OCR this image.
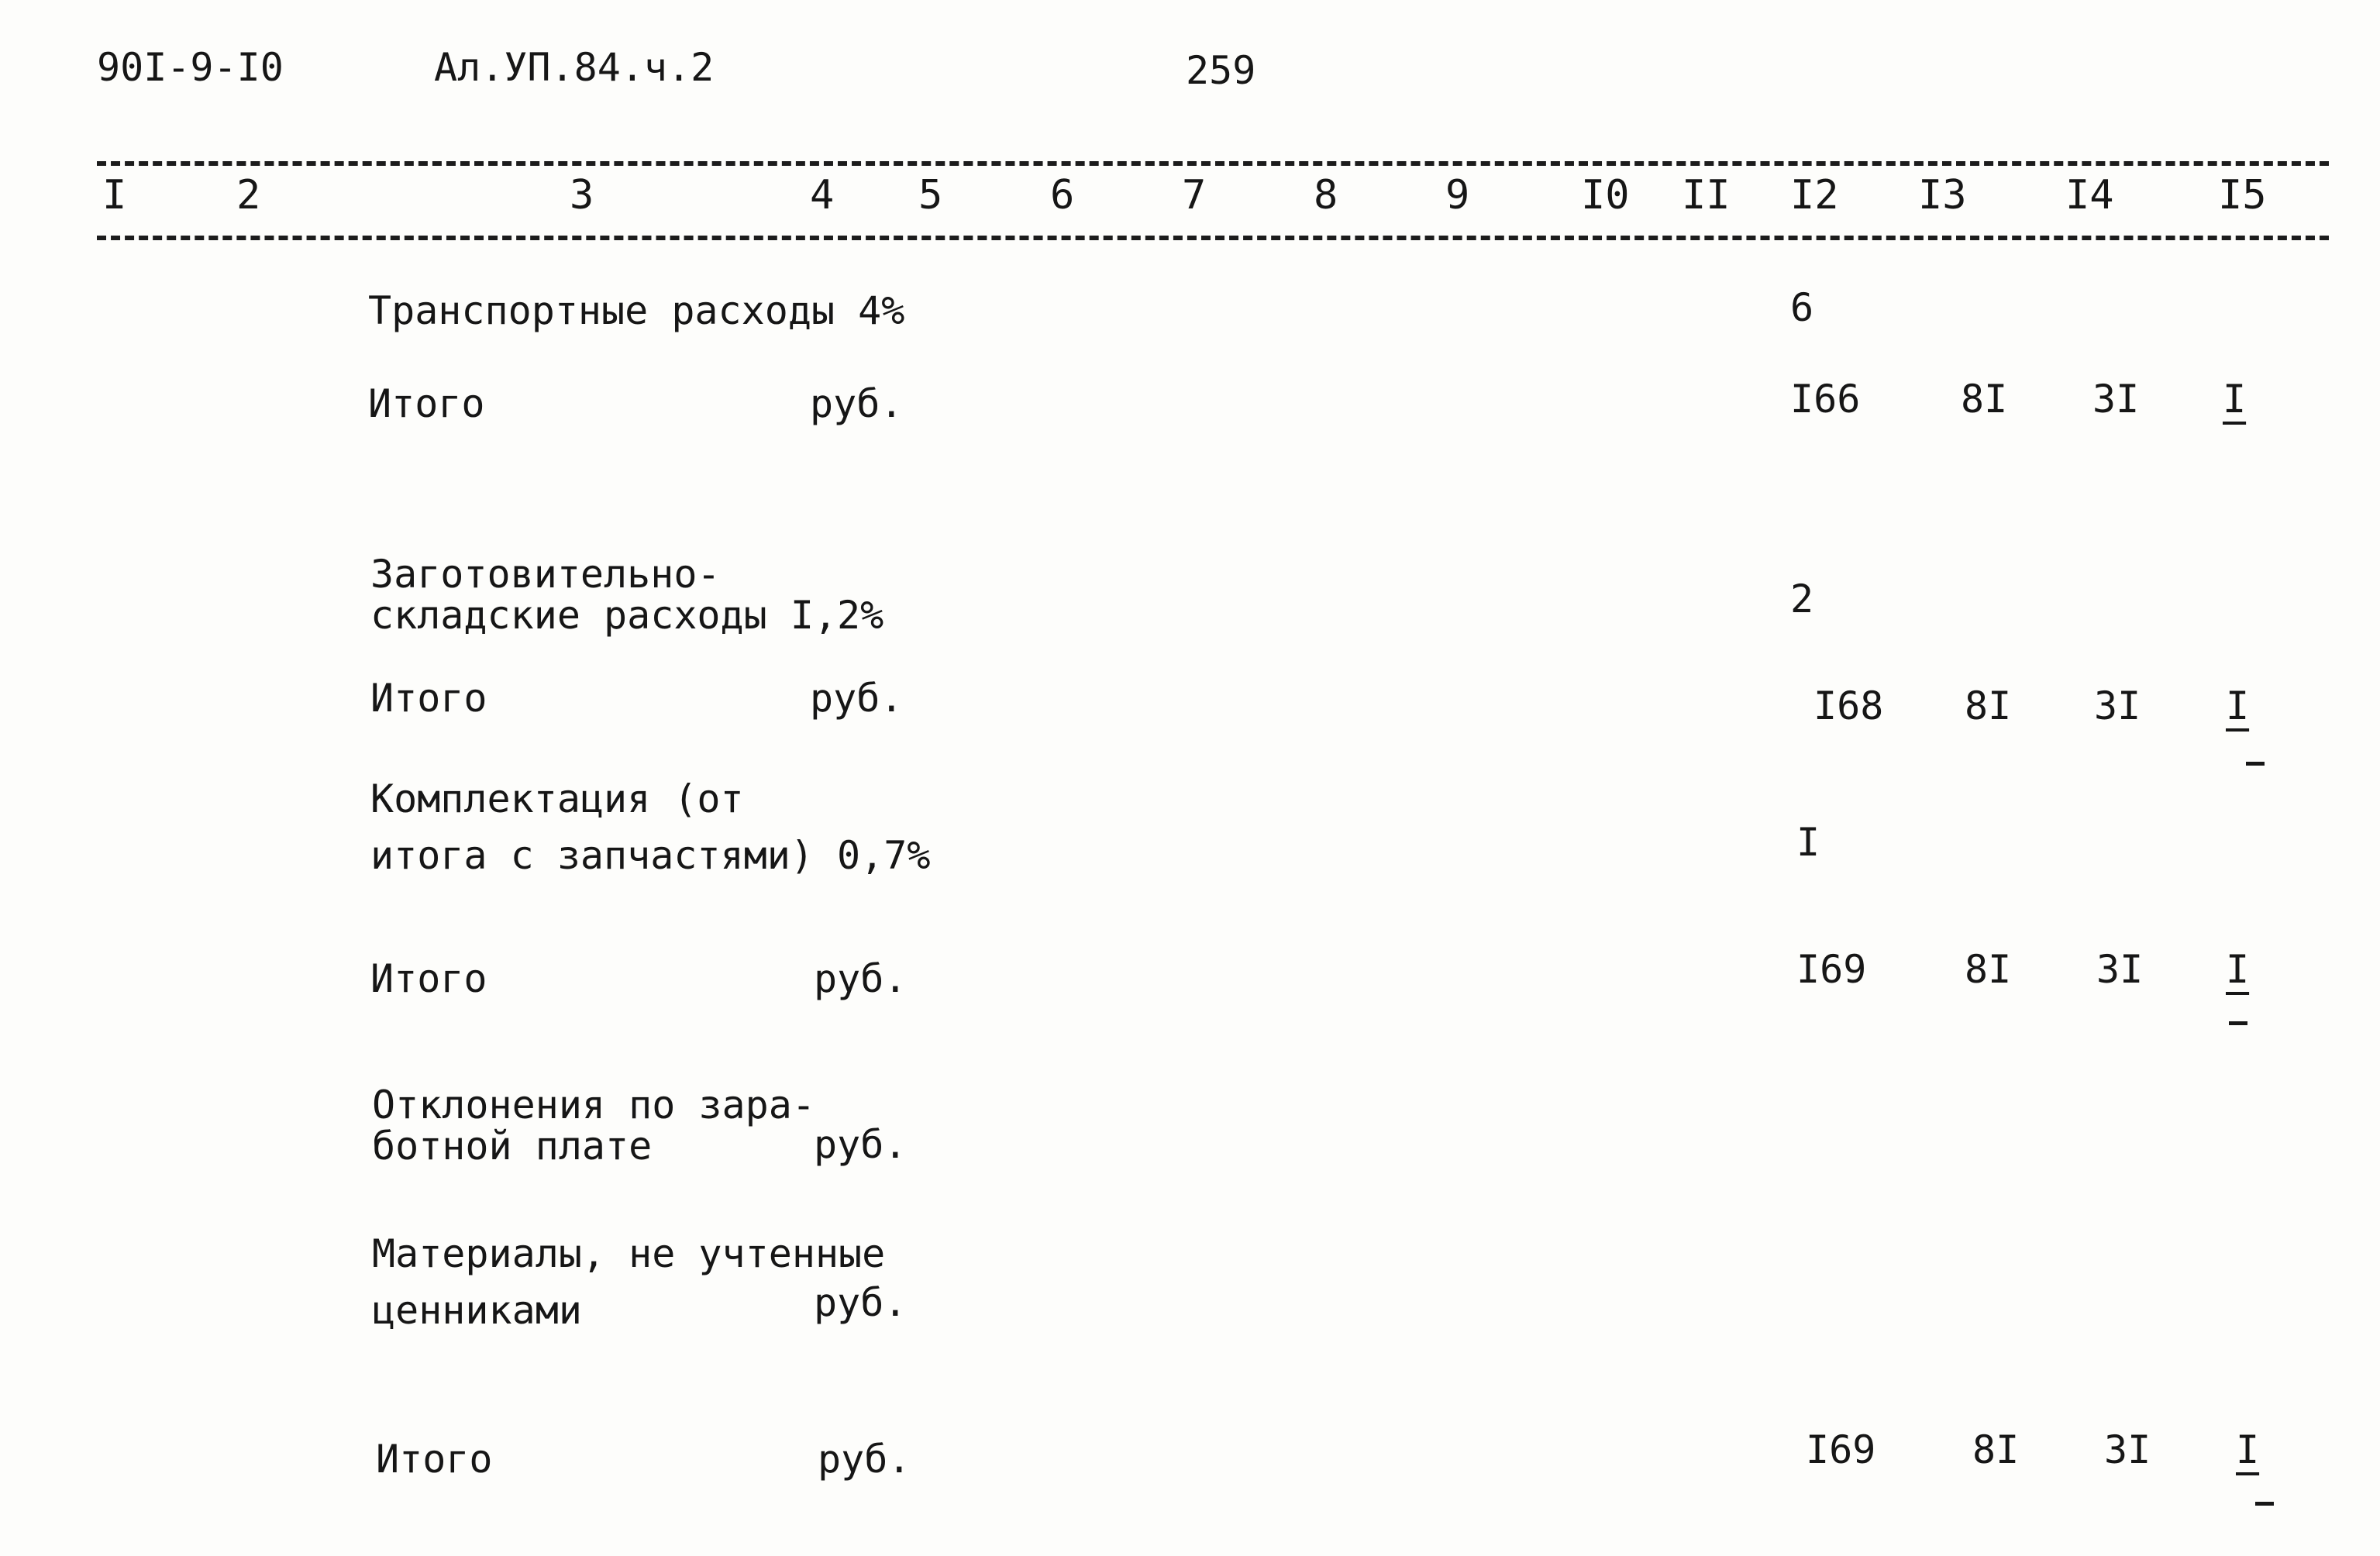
90I-9-I0	Ал.УП.84.ч.2	259
I	2	3	4 5	6	7	8	9	I0 II I2 I3 I4	I5
Транспортные расходы 4%	6
Итого	руб.	I66	8I 3I I
Заготовительно-
складские расходы I,2%	2
Итого	руб.	I68 8I 3I I
Комплектация (от
итога с запчастями) 0,7%	I
Итого	руб.	I69	8I 3I I
Отклонения по зара-
ботной плате	руб.
Материалы, не учтенные
ценниками	руб.
Итого	руб.	I69 8I 3I I
